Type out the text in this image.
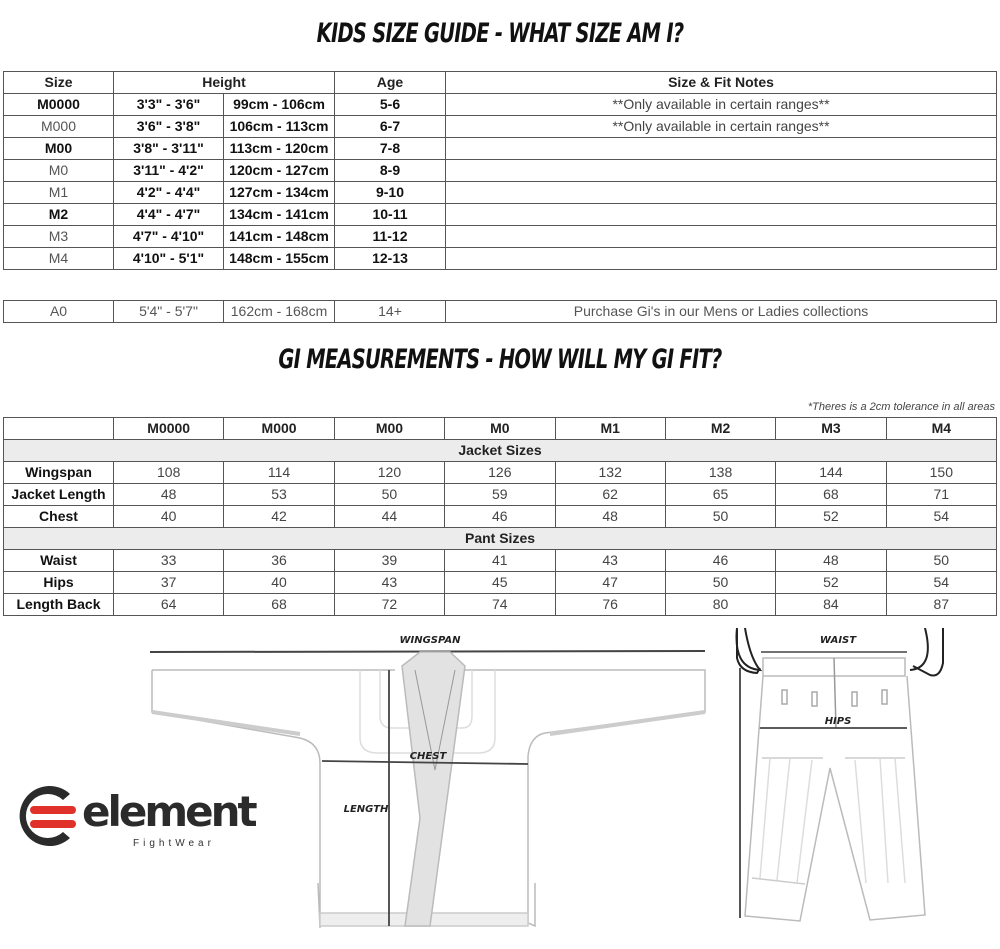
KIDS SIZE GUIDE - WHAT SIZE AM I?
Size	Height		Age	Size & Fit Notes
M0000	3'3" - 3'6"	99cm - 106cm	5-6	**Only available in certain ranges**
M000	3'6" - 3'8"	106cm - 113cm	6-7	**Only available in certain ranges**
M00	3'8" - 3'11"	113cm - 120cm	7-8	
M0	3'11" - 4'2"	120cm - 127cm	8-9	
M1	4'2" - 4'4"	127cm - 134cm	9-10	
M2	4'4" - 4'7"	134cm - 141cm	10-11	
M3	4'7" - 4'10"	141cm - 148cm	11-12	
M4	4'10" - 5'1"	148cm - 155cm	12-13	
A0	5'4" - 5'7"	162cm - 168cm	14+	Purchase Gi's in our Mens or Ladies collections
GI MEASUREMENTS - HOW WILL MY GI FIT?
*Theres is a 2cm tolerance in all areas
	M0000	M000	M00	M0	M1	M2	M3	M4
Jacket Sizes								
Wingspan	108	114	120	126	132	138	144	150
Jacket Length	48	53	50	59	62	65	68	71
Chest	40	42	44	46	48	50	52	54
Pant Sizes								
Waist	33	36	39	41	43	46	48	50
Hips	37	40	43	45	47	50	52	54
Length Back	64	68	72	74	76	80	84	87
WINGSPAN
CHEST
LENGTH
WAIST
HIPS
element
FightWear
